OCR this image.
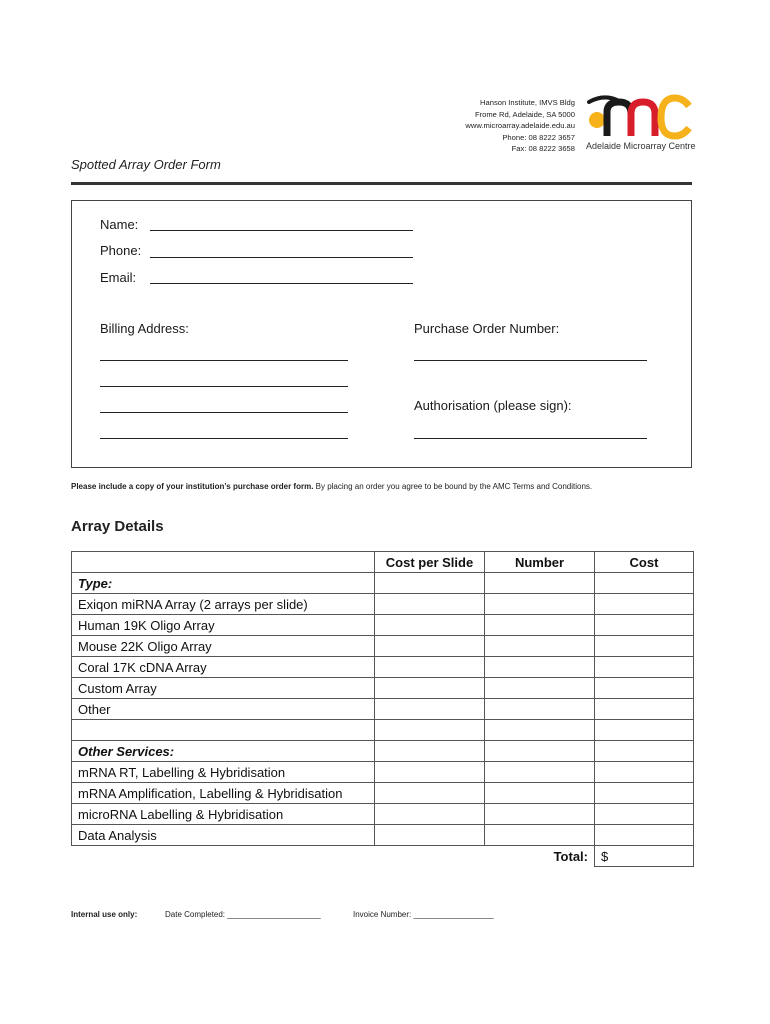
Hanson Institute, IMVS Bldg
Frome Rd, Adelaide, SA 5000
www.microarray.adelaide.edu.au
Phone: 08 8222 3657
Fax: 08 8222 3658 Adelaide Microarray Centre
Spotted Array Order Form
Name:
Phone:
Email:
Billing Address:	Purchase Order Number:
Authorisation (please sign):
Please include a copy of your institution’s purchase order form. By placing an order you agree to be bound by the AMC Terms and Conditions.
Array Details
	Cost per Slide	Number	Cost
Type:			
Exiqon miRNA Array (2 arrays per slide)			
Human 19K Oligo Array			
Mouse 22K Oligo Array			
Coral 17K cDNA Array			
Custom Array			
Other			

Other Services:			
mRNA RT, Labelling & Hybridisation			
mRNA Amplification, Labelling & Hybridisation			
microRNA Labelling & Hybridisation			
Data Analysis			
		Total:	$
Internal use only:	Date Completed: _____________________	Invoice Number: __________________
